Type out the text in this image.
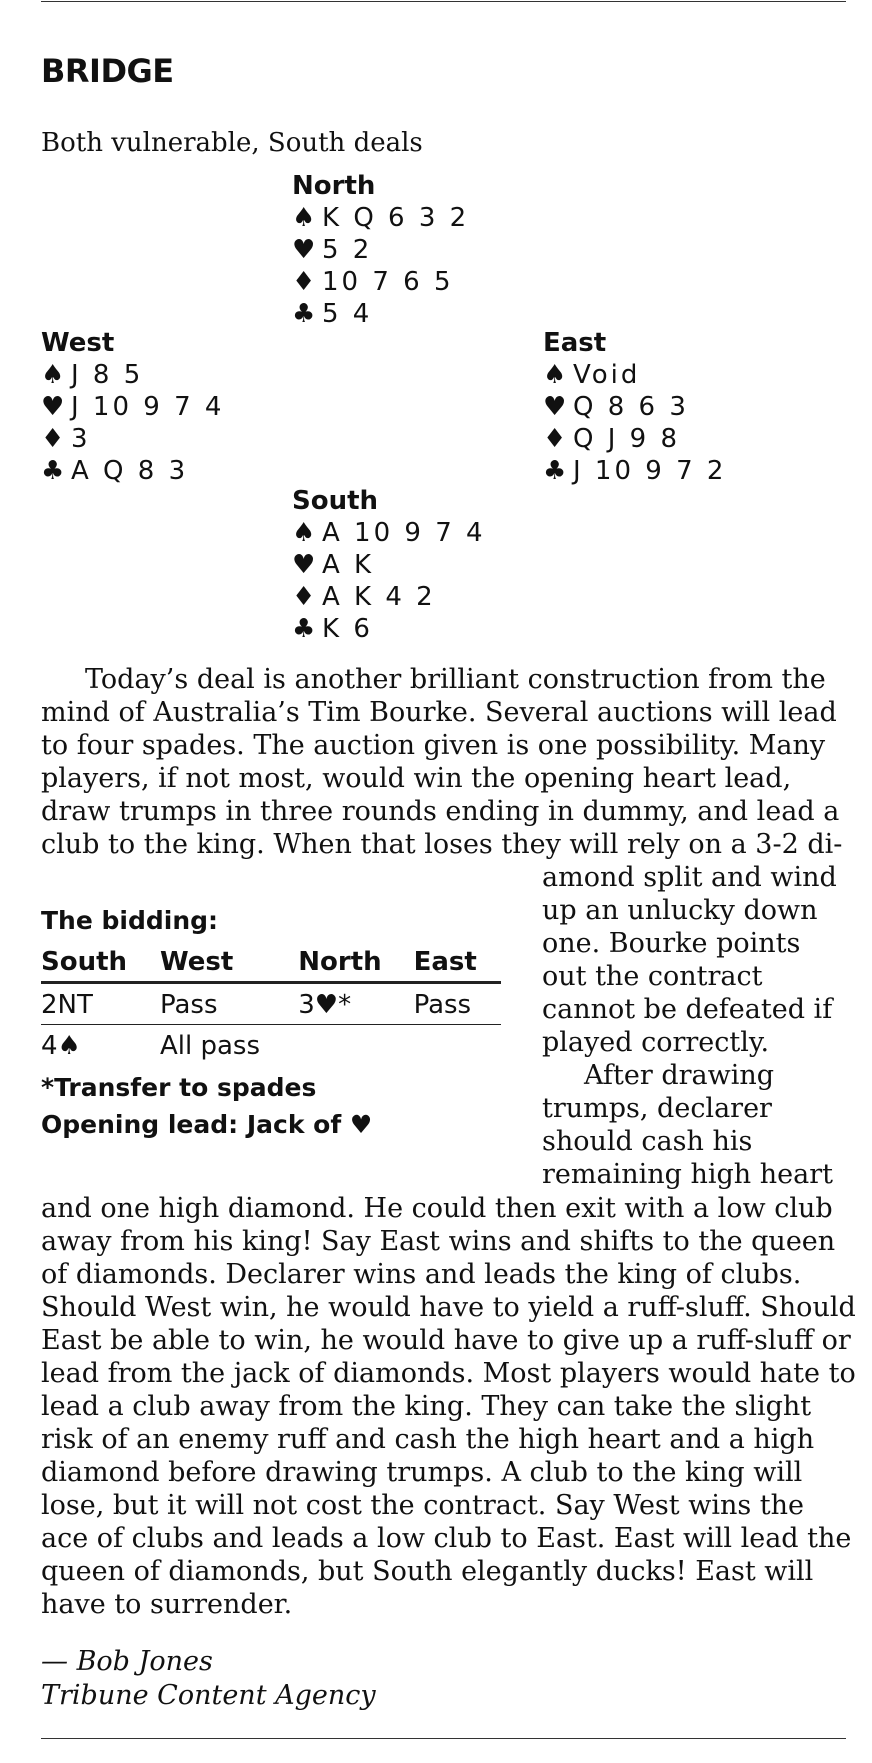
BRIDGE
Both vulnerable, South deals
North
♠ K Q 6 3 2
♥ 5 2
♦ 10 7 6 5
♣ 5 4
West
♠ J 8 5
♥ J 10 9 7 4
♦ 3
♣ A Q 8 3
East
♠ Void
♥ Q 8 6 3
♦ Q J 9 8
♣ J 10 9 7 2
South
♠ A 10 9 7 4
♥ A K
♦ A K 4 2
♣ K 6
Today’s deal is another brilliant construction from the mind of Australia’s Tim Bourke. Several auctions will lead to four spades. The auction given is one possibility. Many players, if not most, would win the opening heart lead, draw trumps in three rounds ending in dummy, and lead a club to the king. When that loses they will rely on a 3-2 di-
amond split and wind up an unlucky down one. Bourke points out the contract cannot be defeated if played correctly.
After drawing trumps, declarer should cash his remaining high heart
The bidding:
South	West	North	East
2NT	Pass	3♥*	Pass
4♠	All pass		
*Transfer to spades
Opening lead: Jack of ♥
and one high diamond. He could then exit with a low club away from his king! Say East wins and shifts to the queen of diamonds. Declarer wins and leads the king of clubs. Should West win, he would have to yield a ruff-sluff. Should East be able to win, he would have to give up a ruff-sluff or lead from the jack of diamonds. Most players would hate to lead a club away from the king. They can take the slight risk of an enemy ruff and cash the high heart and a high diamond before drawing trumps. A club to the king will lose, but it will not cost the contract. Say West wins the ace of clubs and leads a low club to East. East will lead the queen of diamonds, but South elegantly ducks! East will have to surrender.
— Bob Jones
Tribune Content Agency
